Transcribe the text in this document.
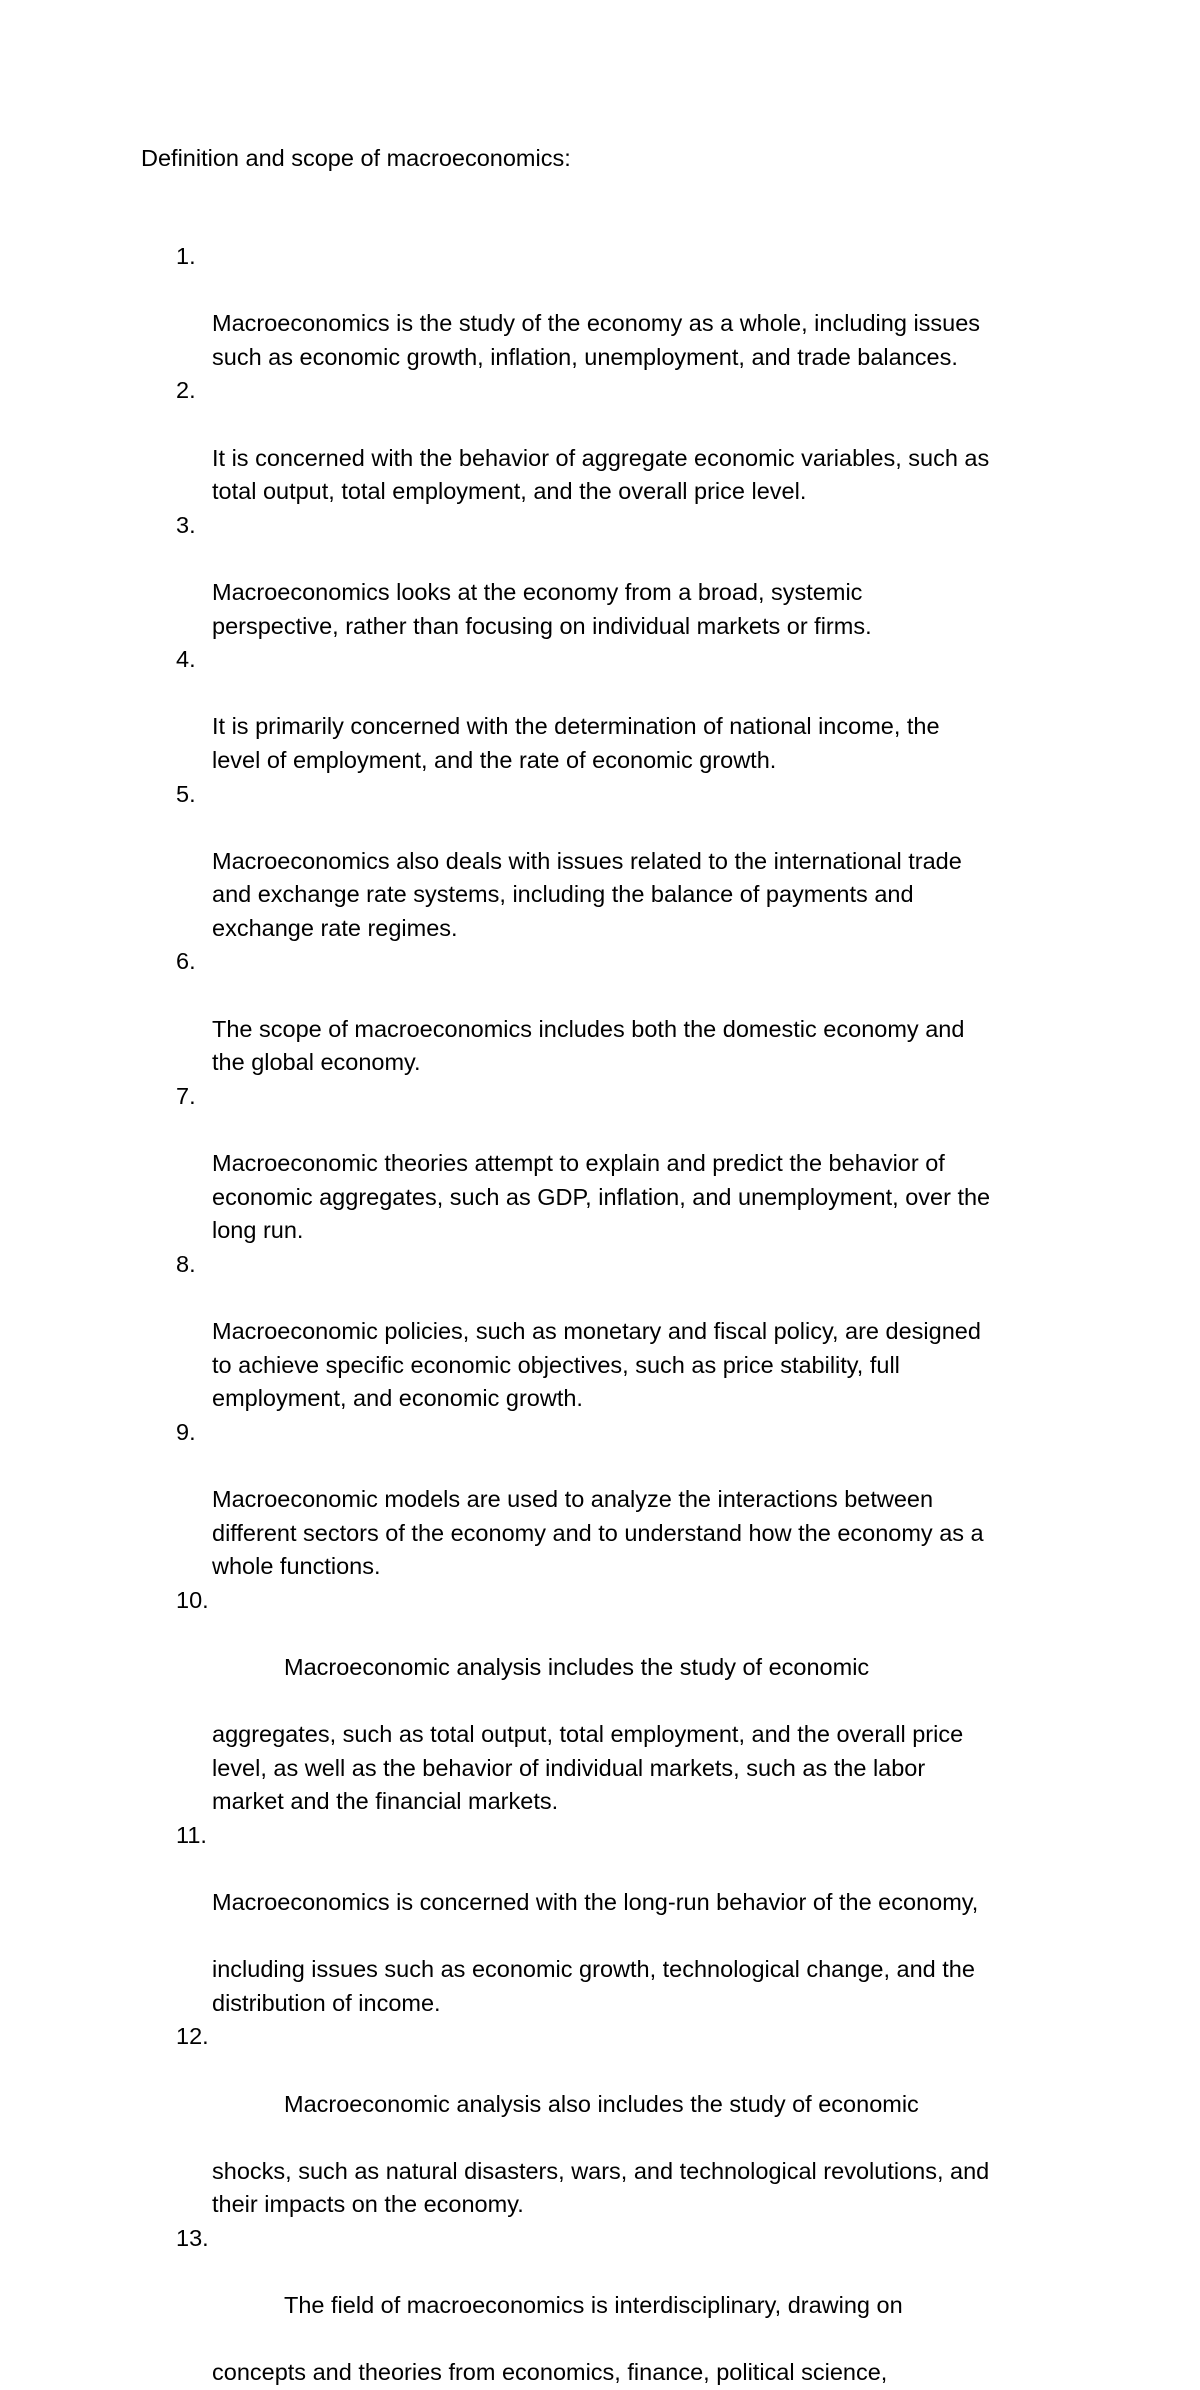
Definition and scope of macroeconomics:

1.

Macroeconomics is the study of the economy as a whole, including issues
such as economic growth, inflation, unemployment, and trade balances.

2.

It is concerned with the behavior of aggregate economic variables, such as
total output, total employment, and the overall price level.

3.

Macroeconomics looks at the economy from a broad, systemic
perspective, rather than focusing on individual markets or firms.

4.

It is primarily concerned with the determination of national income, the
level of employment, and the rate of economic growth.

5.

Macroeconomics also deals with issues related to the international trade
and exchange rate systems, including the balance of payments and
exchange rate regimes.

6.

The scope of macroeconomics includes both the domestic economy and
the global economy.

7.

Macroeconomic theories attempt to explain and predict the behavior of
economic aggregates, such as GDP, inflation, and unemployment, over the
long run.

8.

Macroeconomic policies, such as monetary and fiscal policy, are designed
to achieve specific economic objectives, such as price stability, full
employment, and economic growth.

9.

Macroeconomic models are used to analyze the interactions between
different sectors of the economy and to understand how the economy as a
whole functions.

10.

Macroeconomic analysis includes the study of economic

aggregates, such as total output, total employment, and the overall price
level, as well as the behavior of individual markets, such as the labor
market and the financial markets.

11.

Macroeconomics is concerned with the long-run behavior of the economy,

including issues such as economic growth, technological change, and the
distribution of income.

12.

Macroeconomic analysis also includes the study of economic

shocks, such as natural disasters, wars, and technological revolutions, and
their impacts on the economy.

13.

The field of macroeconomics is interdisciplinary, drawing on

concepts and theories from economics, finance, political science,
